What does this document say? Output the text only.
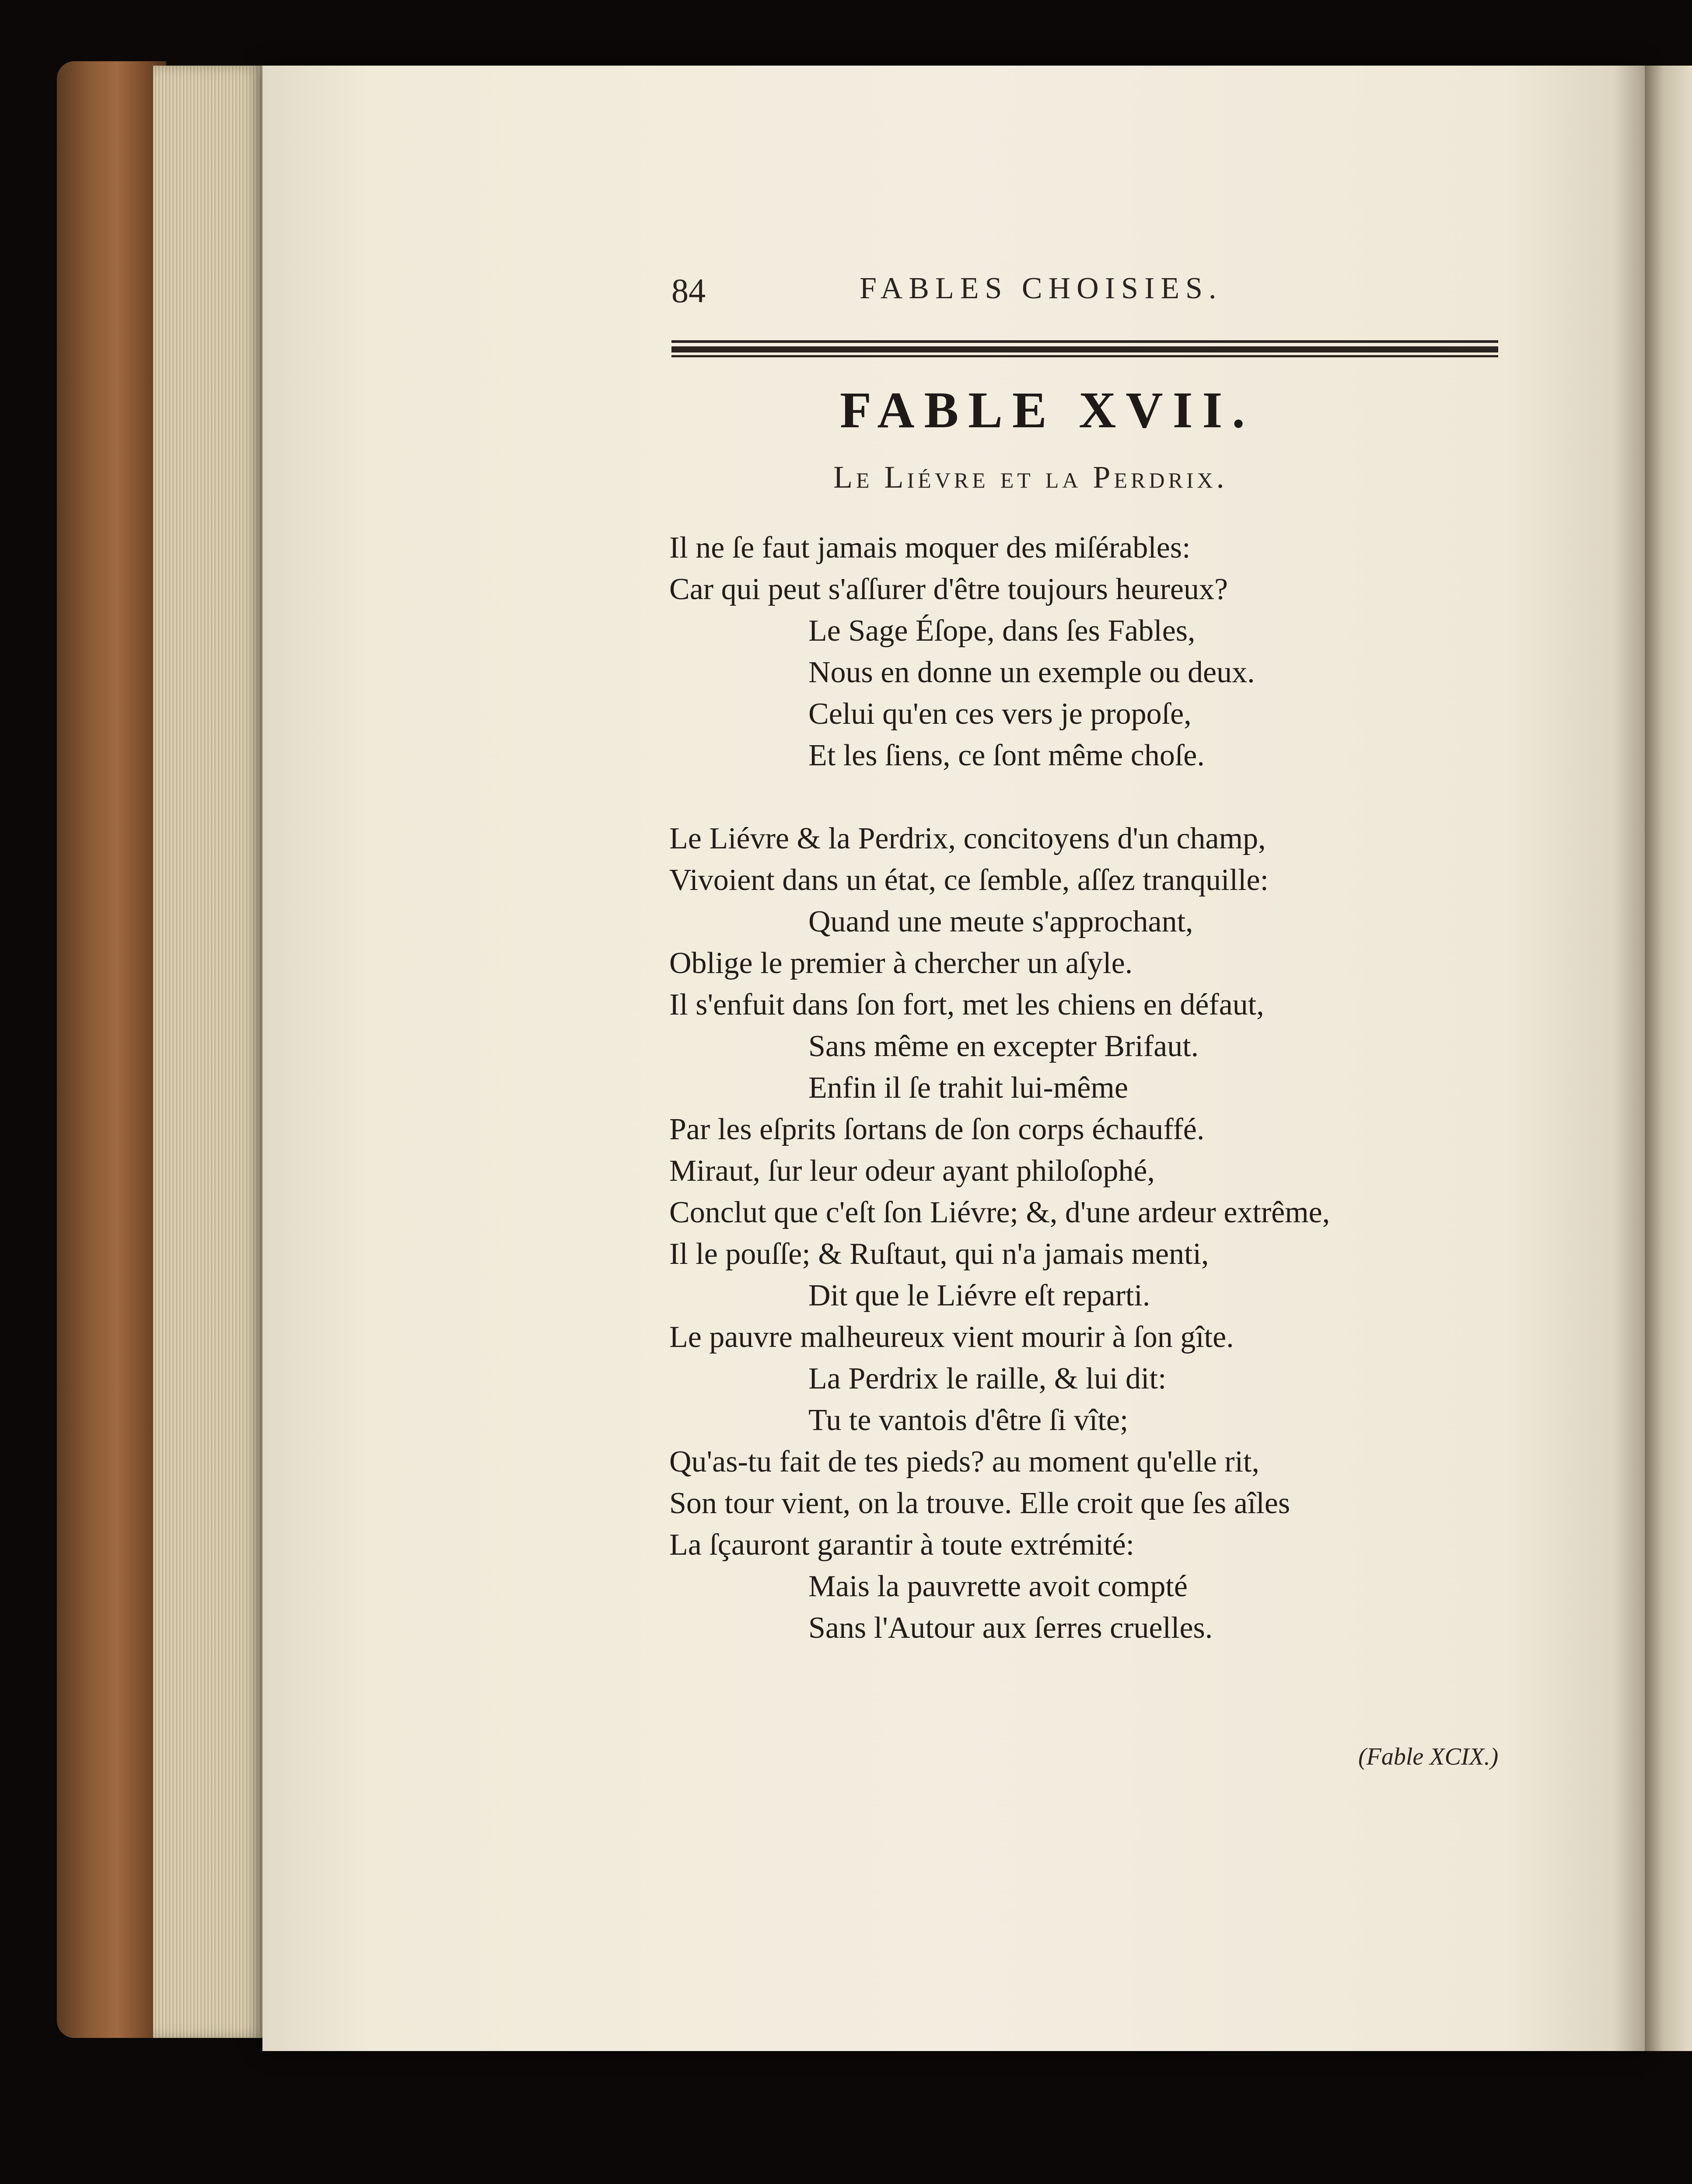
84	FABLES CHOISIES.
FABLE XVII.
Le Liévre et la Perdrix.
Il ne ſe faut jamais moquer des miſérables:
Car qui peut s'aſſurer d'être toujours heureux?
Le Sage Éſope, dans ſes Fables,
Nous en donne un exemple ou deux.
Celui qu'en ces vers je propoſe,
Et les ſiens, ce ſont même choſe.
Le Liévre & la Perdrix, concitoyens d'un champ,
Vivoient dans un état, ce ſemble, aſſez tranquille:
Quand une meute s'approchant,
Oblige le premier à chercher un aſyle.
Il s'enfuit dans ſon fort, met les chiens en défaut,
Sans même en excepter Brifaut.
Enfin il ſe trahit lui-même
Par les eſprits ſortans de ſon corps échauffé.
Miraut, ſur leur odeur ayant philoſophé,
Conclut que c'eſt ſon Liévre; &, d'une ardeur extrême,
Il le pouſſe; & Ruſtaut, qui n'a jamais menti,
Dit que le Liévre eſt reparti.
Le pauvre malheureux vient mourir à ſon gîte.
La Perdrix le raille, & lui dit:
Tu te vantois d'être ſi vîte;
Qu'as-tu fait de tes pieds? au moment qu'elle rit,
Son tour vient, on la trouve. Elle croit que ſes aîles
La ſçauront garantir à toute extrémité:
Mais la pauvrette avoit compté
Sans l'Autour aux ſerres cruelles.
(Fable XCIX.)
